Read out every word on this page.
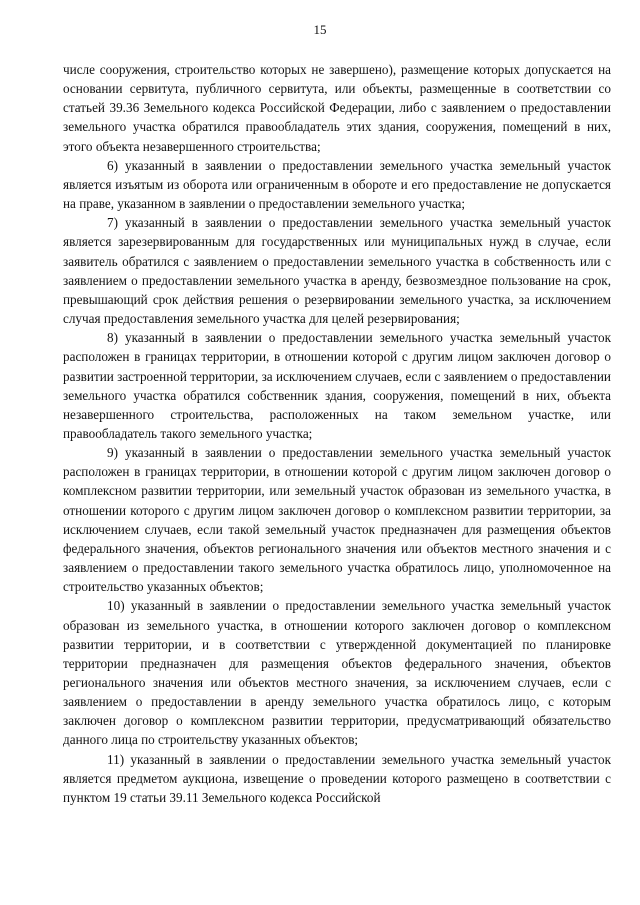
15

числе сооружения, строительство которых не завершено), размещение которых допускается на основании сервитута, публичного сервитута, или объекты, размещенные в соответствии со статьей 39.36 Земельного кодекса Российской Федерации, либо с заявлением о предоставлении земельного участка обратился правообладатель этих здания, сооружения, помещений в них, этого объекта незавершенного строительства;

6) указанный в заявлении о предоставлении земельного участка земельный участок является изъятым из оборота или ограниченным в обороте и его предоставление не допускается на праве, указанном в заявлении о предоставлении земельного участка;

7) указанный в заявлении о предоставлении земельного участка земельный участок является зарезервированным для государственных или муниципальных нужд в случае, если заявитель обратился с заявлением о предоставлении земельного участка в собственность или с заявлением о предоставлении земельного участка в аренду, безвозмездное пользование на срок, превышающий срок действия решения о резервировании земельного участка, за исключением случая предоставления земельного участка для целей резервирования;

8) указанный в заявлении о предоставлении земельного участка земельный участок расположен в границах территории, в отношении которой с другим лицом заключен договор о развитии застроенной территории, за исключением случаев, если с заявлением о предоставлении земельного участка обратился собственник здания, сооружения, помещений в них, объекта незавершенного строительства, расположенных на таком земельном участке, или правообладатель такого земельного участка;

9) указанный в заявлении о предоставлении земельного участка земельный участок расположен в границах территории, в отношении которой с другим лицом заключен договор о комплексном развитии территории, или земельный участок образован из земельного участка, в отношении которого с другим лицом заключен договор о комплексном развитии территории, за исключением случаев, если такой земельный участок предназначен для размещения объектов федерального значения, объектов регионального значения или объектов местного значения и с заявлением о предоставлении такого земельного участка обратилось лицо, уполномоченное на строительство указанных объектов;

10) указанный в заявлении о предоставлении земельного участка земельный участок образован из земельного участка, в отношении которого заключен договор о комплексном развитии территории, и в соответствии с утвержденной документацией по планировке территории предназначен для размещения объектов федерального значения, объектов регионального значения или объектов местного значения, за исключением случаев, если с заявлением о предоставлении в аренду земельного участка обратилось лицо, с которым заключен договор о комплексном развитии территории, предусматривающий обязательство данного лица по строительству указанных объектов;

11) указанный в заявлении о предоставлении земельного участка земельный участок является предметом аукциона, извещение о проведении которого размещено в соответствии с пунктом 19 статьи 39.11 Земельного кодекса Российской
